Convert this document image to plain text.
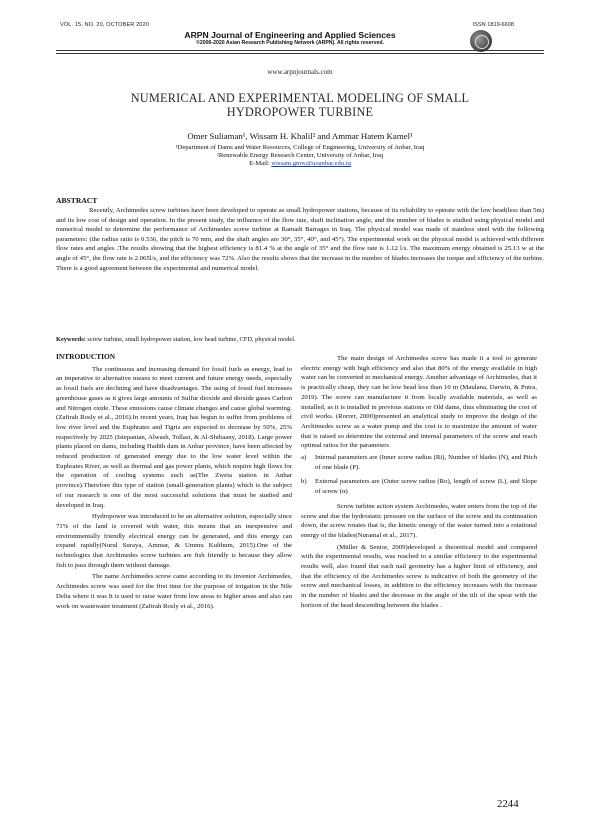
VOL. 15, NO. 20, OCTOBER 2020	ISSN 1819-6608
ARPN Journal of Engineering and Applied Sciences
©2006-2020 Asian Research Publishing Network (ARPN). All rights reserved.
www.arpnjournals.com
NUMERICAL AND EXPERIMENTAL MODELING OF SMALL
HYDROPOWER TURBINE
Omer Suliaman¹, Wissam H. Khalil² and Ammar Hatem Kamel¹
¹Department of Dams and Water Resources, College of Engineering, University of Anbar, Iraq
²Renewable Energy Research Center, University of Anbar, Iraq
E-Mail: wissam.gmw@uoanbar.edu.iq
ABSTRACT
Recently, Archimedes screw turbines have been developed to operate as small hydropower stations, because of its reliability to operate with the low head(less than 5m) and its low cost of design and operation. In the present study, the influence of the flow rate, shaft inclination angle, and the number of blades is studied using physical model and numerical model to determine the performance of Archimedes screw turbine at Ramadi Barrages in Iraq. The physical model was made of stainless steel with the following parameters: (the radius ratio is 0.536, the pitch is 70 mm, and the shaft angles are 30°, 35°, 40°, and 45°). The experimental work on the physical model is achieved with different flow rates and angles .The results showing that the highest efficiency is 81.4 % at the angle of 35° and the flow rate is 1.12 l/s. The maximum energy obtained is 25.13 w at the angle of 45°, the flow rate is 2.065l/s, and the efficiency was 72%. Also the results shows that the increase in the number of blades increases the torque and efficiency of the turbine. There is a good agreement between the experimental and numerical model.
Keywords: screw turbine, small hydropower station, low head turbine, CFD, physical model.
INTRODUCTION

The continuous and increasing demand for fossil fuels as energy, lead to an imperative to alternative means to meet current and future energy needs, especially as fossil fuels are declining and have disadvantages. The using of fossil fuel increases greenhouse gases as it gives large amounts of Sulfur dioxide and dioxide gases Carbon and Nitrogen oxide. These emissions cause climate changes and cause global warming.(Zafirah Rosly et al., 2016).In recent years, Iraq has begun to suffer from problems of low river level and the Euphrates and Tigris are expected to decrease by 50%, 25% respectively by 2025 (Istepanian, Alwash, Tollast, & Al-Shibaany, 2018). Large power plants placed on dams, including Hadith dam in Anbar province, have been affected by reduced production of generated energy due to the low water level within the Euphrates River, as well as thermal and gas power plants, which require high flows for the operation of cooling systems such as(The Zweia station in Anbar province).Therefore this type of station (small-generation plants) which is the subject of our research is one of the most successful solutions that must be studied and developed in Iraq.

Hydropower was introduced to be an alternative solution, especially since 71% of the land is covered with water, this means that an inexpensive and environmentally friendly electrical energy can be generated, and this energy can expand rapidly(Nurul Suraya, Ammar, & Ummu Kulthum, 2015).One of the technologies that Archimedes screw turbines are fish friendly is because they allow fish to pass through them without damage.

The name Archimedes screw came according to its inventor Archimedes, Archimedes screw was used for the first time for the purpose of irrigation in the Nile Delta where it was It is used to raise water from low areas to higher areas and also can work on wastewater treatment (Zafirah Rosly et al., 2016).

The main design of Archimedes screw has made it a tool to generate electric energy with high efficiency and also that 80% of the energy available in high water can be converted to mechanical energy. Another advantage of Archimedes, that it is practically cheap, they can be low head less than 10 m (Maulana, Darwin, & Putra, 2019). The screw can manufacture it from locally available materials, as well as installed, as it is installed in previous stations or Old dams, thus eliminating the cost of civil works. (Rorrer, 2000)presented an analytical study to improve the design of the Archimedes screw as a water pump and the cost is to maximize the amount of water that is raised so determine the external and internal parameters of the screw and reach optimal ratios for the parameters

a)	Internal parameters are (Inner screw radius (Ri), Number of blades (N), and Pitch of one blade (P).
b)	External parameters are (Outer screw radius (Ro), length of screw (L), and Slope of screw (α)

Screw turbine action system Archimedes, water enters from the top of the screw and due the hydrostatic pressure on the surface of the screw and its continuation down, the screw rotates that is, the kinetic energy of the water turned into a rotational energy of the blades(Nuramal et al., 2017).

(Müller & Senior, 2009)developed a theoretical model and compared with the experimental results, was reached to a similar efficiency to the experimental results well, also found that each nail geometry has a higher limit of efficiency, and that the efficiency of the Archimedes screw is indicative of both the geometry of the screw and mechanical losses, in addition to the efficiency increases with the increase in the number of blades and the decrease in the angle of the tilt of the spear with the horizon of the head descending between the blades .

2244
